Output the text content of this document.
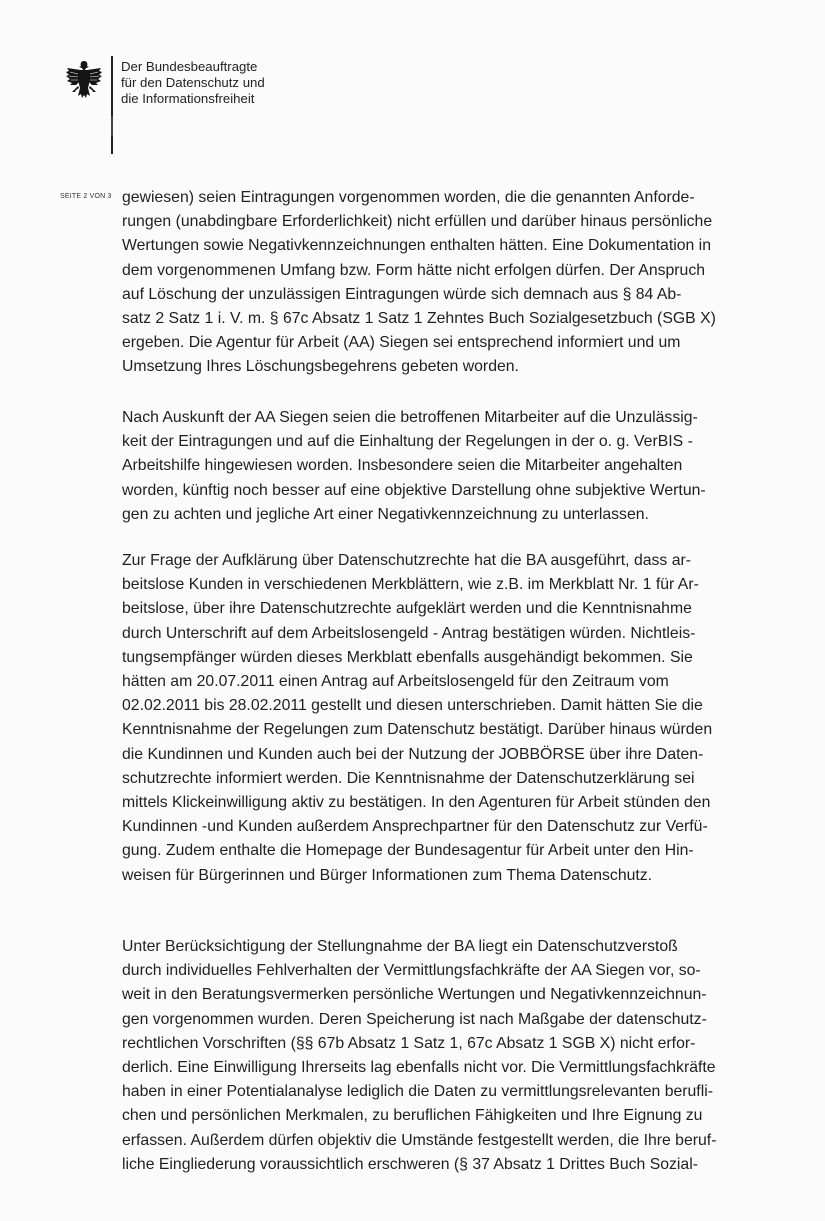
Der Bundesbeauftragte
für den Datenschutz und
die Informationsfreiheit
SEITE 2 VON 3 gewiesen) seien Eintragungen vorgenommen worden, die die genannten Anforde-
rungen (unabdingbare Erforderlichkeit) nicht erfüllen und darüber hinaus persönliche
Wertungen sowie Negativkennzeichnungen enthalten hätten. Eine Dokumentation in
dem vorgenommenen Umfang bzw. Form hätte nicht erfolgen dürfen. Der Anspruch
auf Löschung der unzulässigen Eintragungen würde sich demnach aus § 84 Ab-
satz 2 Satz 1 i. V. m. § 67c Absatz 1 Satz 1 Zehntes Buch Sozialgesetzbuch (SGB X)
ergeben. Die Agentur für Arbeit (AA) Siegen sei entsprechend informiert und um
Umsetzung Ihres Löschungsbegehrens gebeten worden.
Nach Auskunft der AA Siegen seien die betroffenen Mitarbeiter auf die Unzulässig-
keit der Eintragungen und auf die Einhaltung der Regelungen in der o. g. VerBIS -
Arbeitshilfe hingewiesen worden. Insbesondere seien die Mitarbeiter angehalten
worden, künftig noch besser auf eine objektive Darstellung ohne subjektive Wertun-
gen zu achten und jegliche Art einer Negativkennzeichnung zu unterlassen.
Zur Frage der Aufklärung über Datenschutzrechte hat die BA ausgeführt, dass ar-
beitslose Kunden in verschiedenen Merkblättern, wie z.B. im Merkblatt Nr. 1 für Ar-
beitslose, über ihre Datenschutzrechte aufgeklärt werden und die Kenntnisnahme
durch Unterschrift auf dem Arbeitslosengeld - Antrag bestätigen würden. Nichtleis-
tungsempfänger würden dieses Merkblatt ebenfalls ausgehändigt bekommen. Sie
hätten am 20.07.2011 einen Antrag auf Arbeitslosengeld für den Zeitraum vom
02.02.2011 bis 28.02.2011 gestellt und diesen unterschrieben. Damit hätten Sie die
Kenntnisnahme der Regelungen zum Datenschutz bestätigt. Darüber hinaus würden
die Kundinnen und Kunden auch bei der Nutzung der JOBBÖRSE über ihre Daten-
schutzrechte informiert werden. Die Kenntnisnahme der Datenschutzerklärung sei
mittels Klickeinwilligung aktiv zu bestätigen. In den Agenturen für Arbeit stünden den
Kundinnen -und Kunden außerdem Ansprechpartner für den Datenschutz zur Verfü-
gung. Zudem enthalte die Homepage der Bundesagentur für Arbeit unter den Hin-
weisen für Bürgerinnen und Bürger Informationen zum Thema Datenschutz.
Unter Berücksichtigung der Stellungnahme der BA liegt ein Datenschutzverstoß
durch individuelles Fehlverhalten der Vermittlungsfachkräfte der AA Siegen vor, so-
weit in den Beratungsvermerken persönliche Wertungen und Negativkennzeichnun-
gen vorgenommen wurden. Deren Speicherung ist nach Maßgabe der datenschutz-
rechtlichen Vorschriften (§§ 67b Absatz 1 Satz 1, 67c Absatz 1 SGB X) nicht erfor-
derlich. Eine Einwilligung Ihrerseits lag ebenfalls nicht vor. Die Vermittlungsfachkräfte
haben in einer Potentialanalyse lediglich die Daten zu vermittlungsrelevanten berufli-
chen und persönlichen Merkmalen, zu beruflichen Fähigkeiten und Ihre Eignung zu
erfassen. Außerdem dürfen objektiv die Umstände festgestellt werden, die Ihre beruf-
liche Eingliederung voraussichtlich erschweren (§ 37 Absatz 1 Drittes Buch Sozial-
